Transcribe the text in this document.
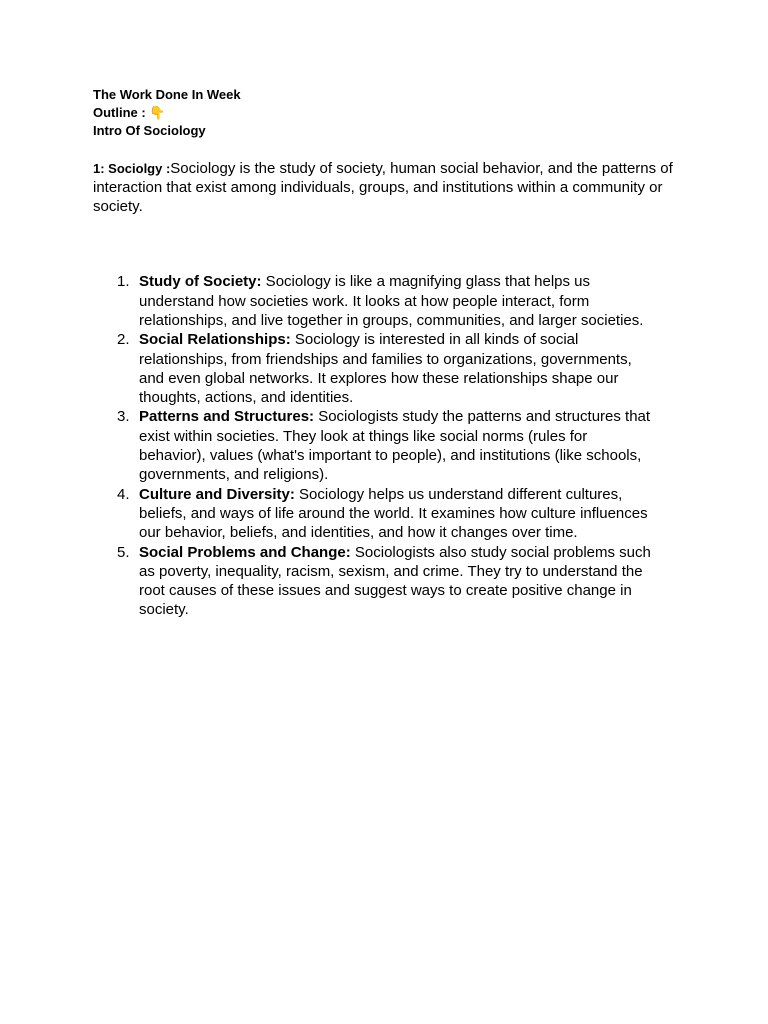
The Work Done In Week

Outline : 👇

Intro Of Sociology

1: Sociolgy :Sociology is the study of society, human social behavior, and the patterns of interaction that exist among individuals, groups, and institutions within a community or society.

1. Study of Society: Sociology is like a magnifying glass that helps us understand how societies work. It looks at how people interact, form relationships, and live together in groups, communities, and larger societies.
2. Social Relationships: Sociology is interested in all kinds of social relationships, from friendships and families to organizations, governments, and even global networks. It explores how these relationships shape our thoughts, actions, and identities.
3. Patterns and Structures: Sociologists study the patterns and structures that exist within societies. They look at things like social norms (rules for behavior), values (what's important to people), and institutions (like schools, governments, and religions).
4. Culture and Diversity: Sociology helps us understand different cultures, beliefs, and ways of life around the world. It examines how culture influences our behavior, beliefs, and identities, and how it changes over time.
5. Social Problems and Change: Sociologists also study social problems such as poverty, inequality, racism, sexism, and crime. They try to understand the root causes of these issues and suggest ways to create positive change in society.
